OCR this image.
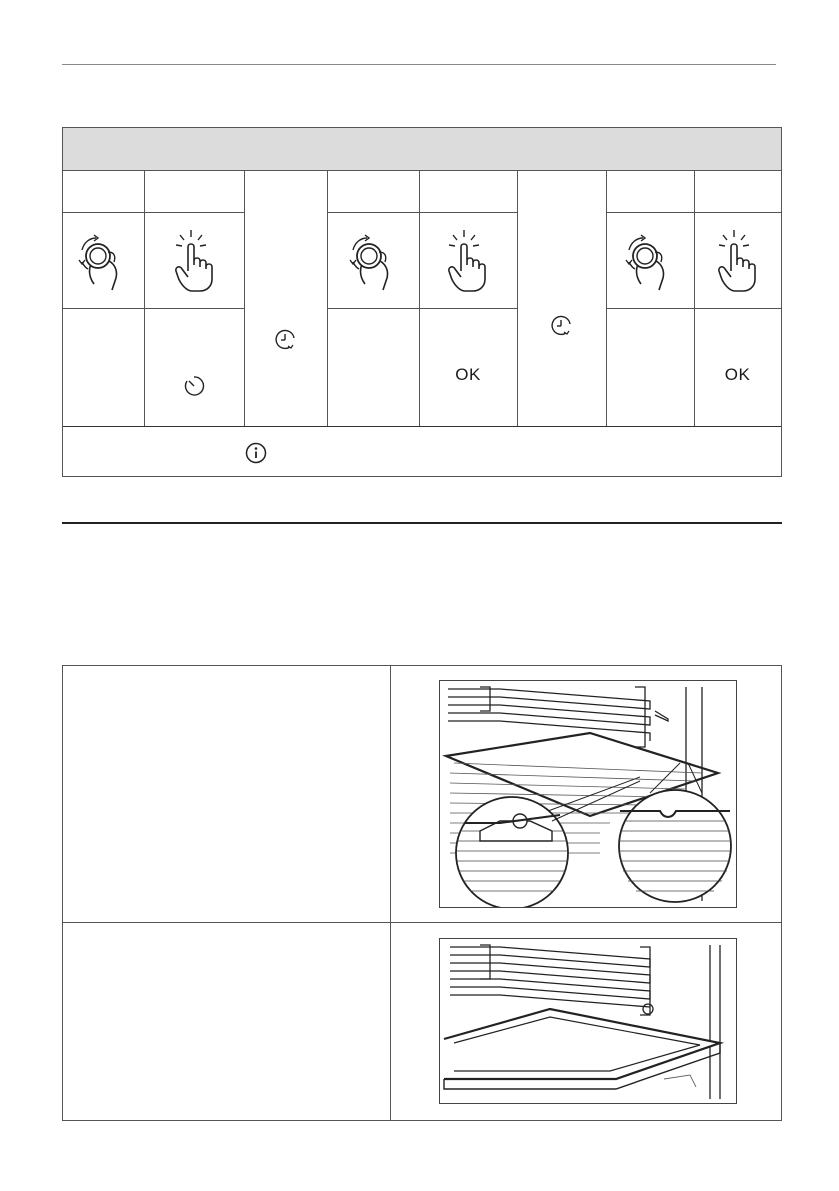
OK	OK
